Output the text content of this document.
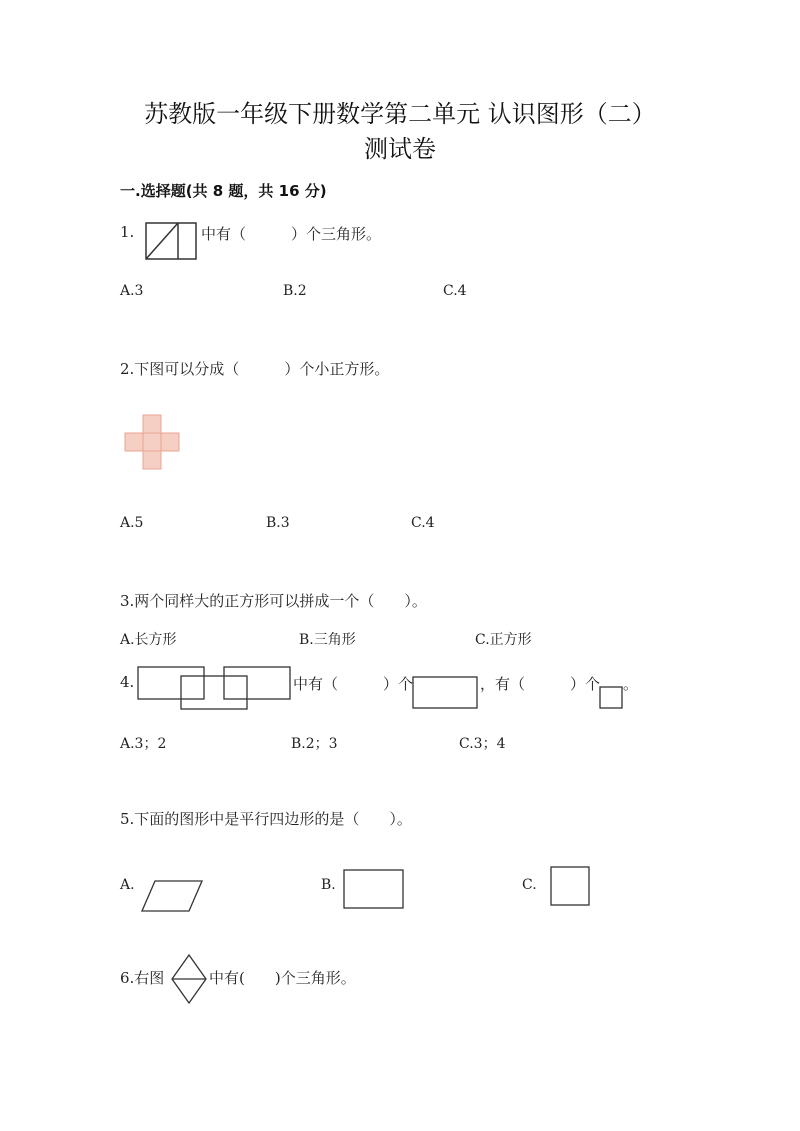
苏教版一年级下册数学第二单元 认识图形（二）
测试卷
一.选择题(共 8 题，共 16 分)
1.	中有（　　　）个三角形。
A.3	B.2	C.4
2.下图可以分成（　　　）个小正方形。
A.5	B.3	C.4
3.两个同样大的正方形可以拼成一个（　　）。
A.长方形	B.三角形	C.正方形
4.	中有（　　　）个	，有（　　　）个 。
A.3；2	B.2；3	C.3；4
5.下面的图形中是平行四边形的是（　　）。
A.	B.	C.
6.右图	中有(　　)个三角形。
